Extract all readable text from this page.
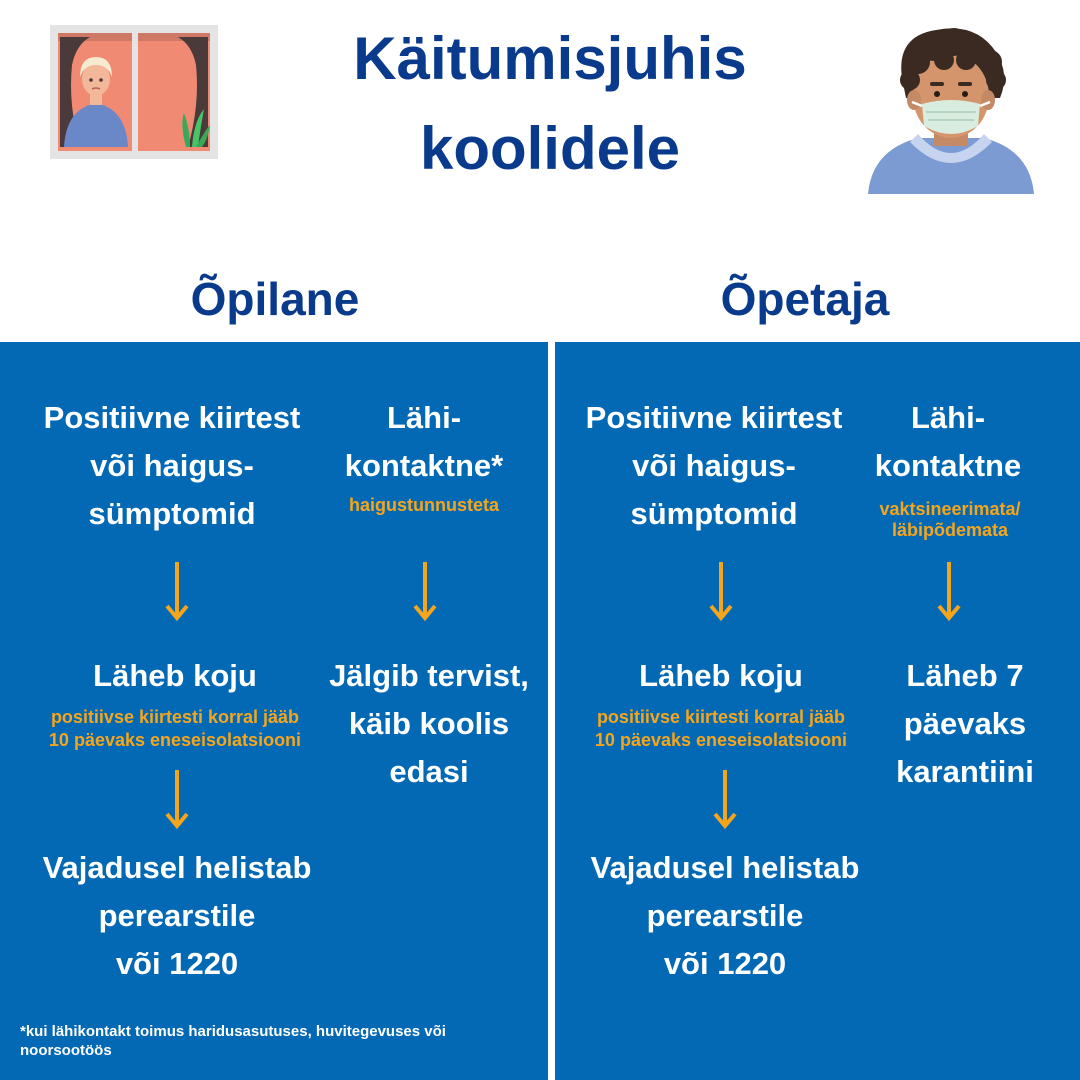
Käitumisjuhis
koolidele
Õpilane	Õpetaja
Positiivne kiirtest
või haigus-
sümptomid
Lähi-
kontaktne*
haigustunnusteta
Läheb koju
positiivse kiirtesti korral jääb
10 päevaks eneseisolatsiooni
Jälgib tervist,
käib koolis
edasi
Vajadusel helistab
perearstile
või 1220
*kui lähikontakt toimus haridusasutuses, huvitegevuses või
noorsootöös
Positiivne kiirtest
või haigus-
sümptomid
Lähi-
kontaktne
vaktsineerimata/
läbipõdemata
Läheb koju
positiivse kiirtesti korral jääb
10 päevaks eneseisolatsiooni
Läheb 7
päevaks
karantiini
Vajadusel helistab
perearstile
või 1220
